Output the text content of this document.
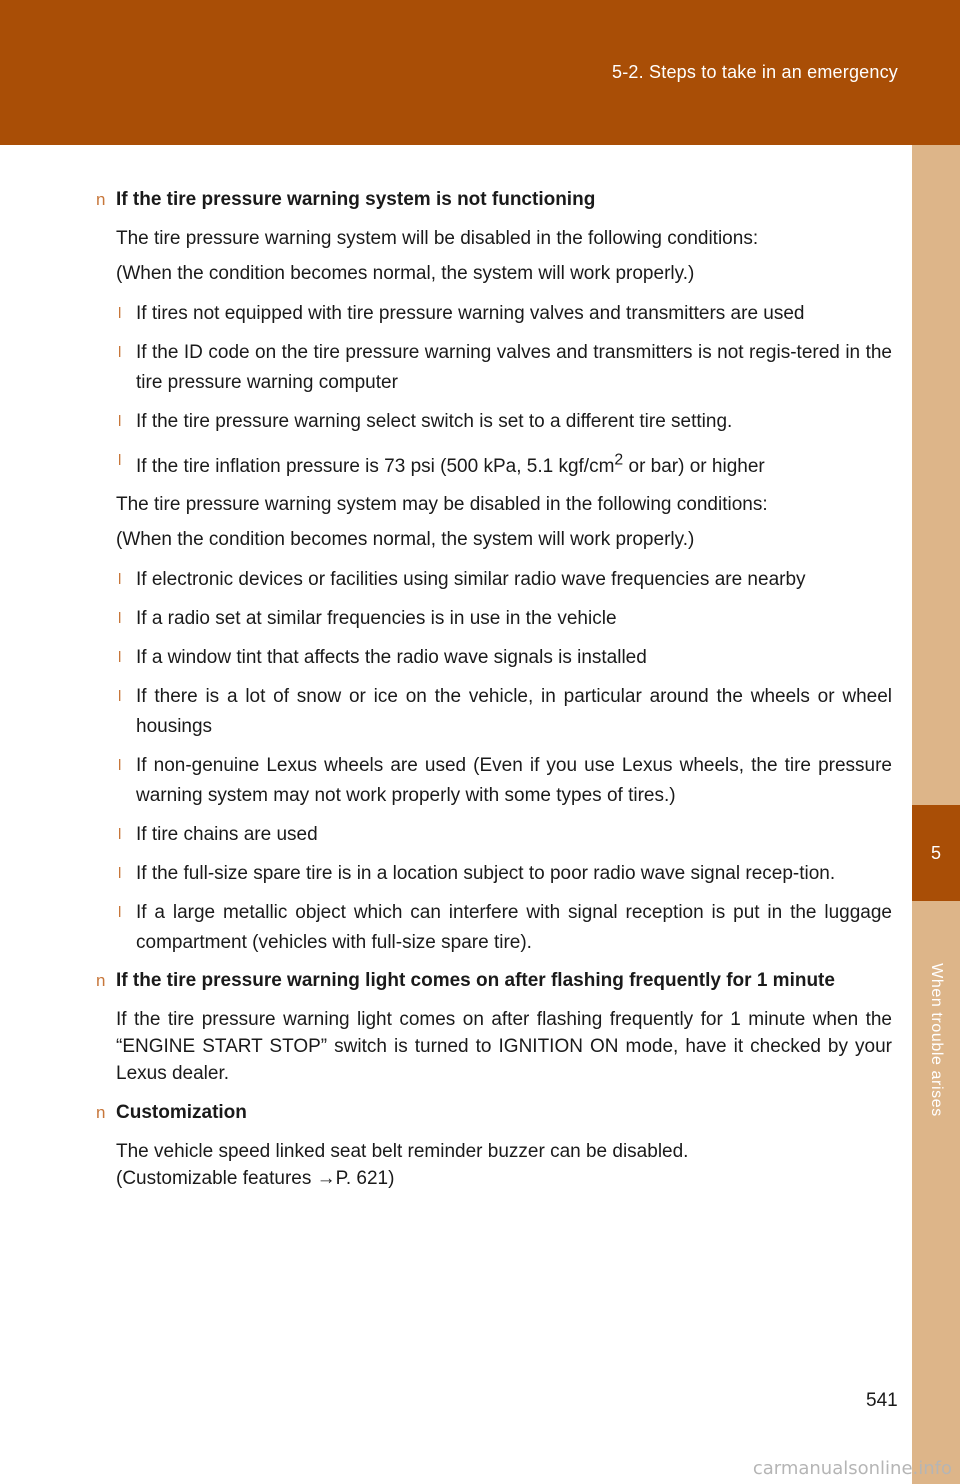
5-2. Steps to take in an emergency
5
When trouble arises
n If the tire pressure warning system is not functioning
The tire pressure warning system will be disabled in the following conditions:
(When the condition becomes normal, the system will work properly.)
l If tires not equipped with tire pressure warning valves and transmitters are used
l If the ID code on the tire pressure warning valves and transmitters is not regis-tered in the tire pressure warning computer
l If the tire pressure warning select switch is set to a different tire setting.
l If the tire inflation pressure is 73 psi (500 kPa, 5.1 kgf/$cm^2$ or bar) or higher
The tire pressure warning system may be disabled in the following conditions:
(When the condition becomes normal, the system will work properly.)
l If electronic devices or facilities using similar radio wave frequencies are nearby
l If a radio set at similar frequencies is in use in the vehicle
l If a window tint that affects the radio wave signals is installed
l If there is a lot of snow or ice on the vehicle, in particular around the wheels or wheel housings
l If non-genuine Lexus wheels are used (Even if you use Lexus wheels, the tire pressure warning system may not work properly with some types of tires.)
l If tire chains are used
l If the full-size spare tire is in a location subject to poor radio wave signal recep-tion.
l If a large metallic object which can interfere with signal reception is put in the luggage compartment (vehicles with full-size spare tire).
n If the tire pressure warning light comes on after flashing frequently for 1 minute
If the tire pressure warning light comes on after flashing frequently for 1 minute when the “ENGINE START STOP” switch is turned to IGNITION ON mode, have it checked by your Lexus dealer.
n Customization
The vehicle speed linked seat belt reminder buzzer can be disabled.
(Customizable features →P. 621)
541
carmanualsonline.info
